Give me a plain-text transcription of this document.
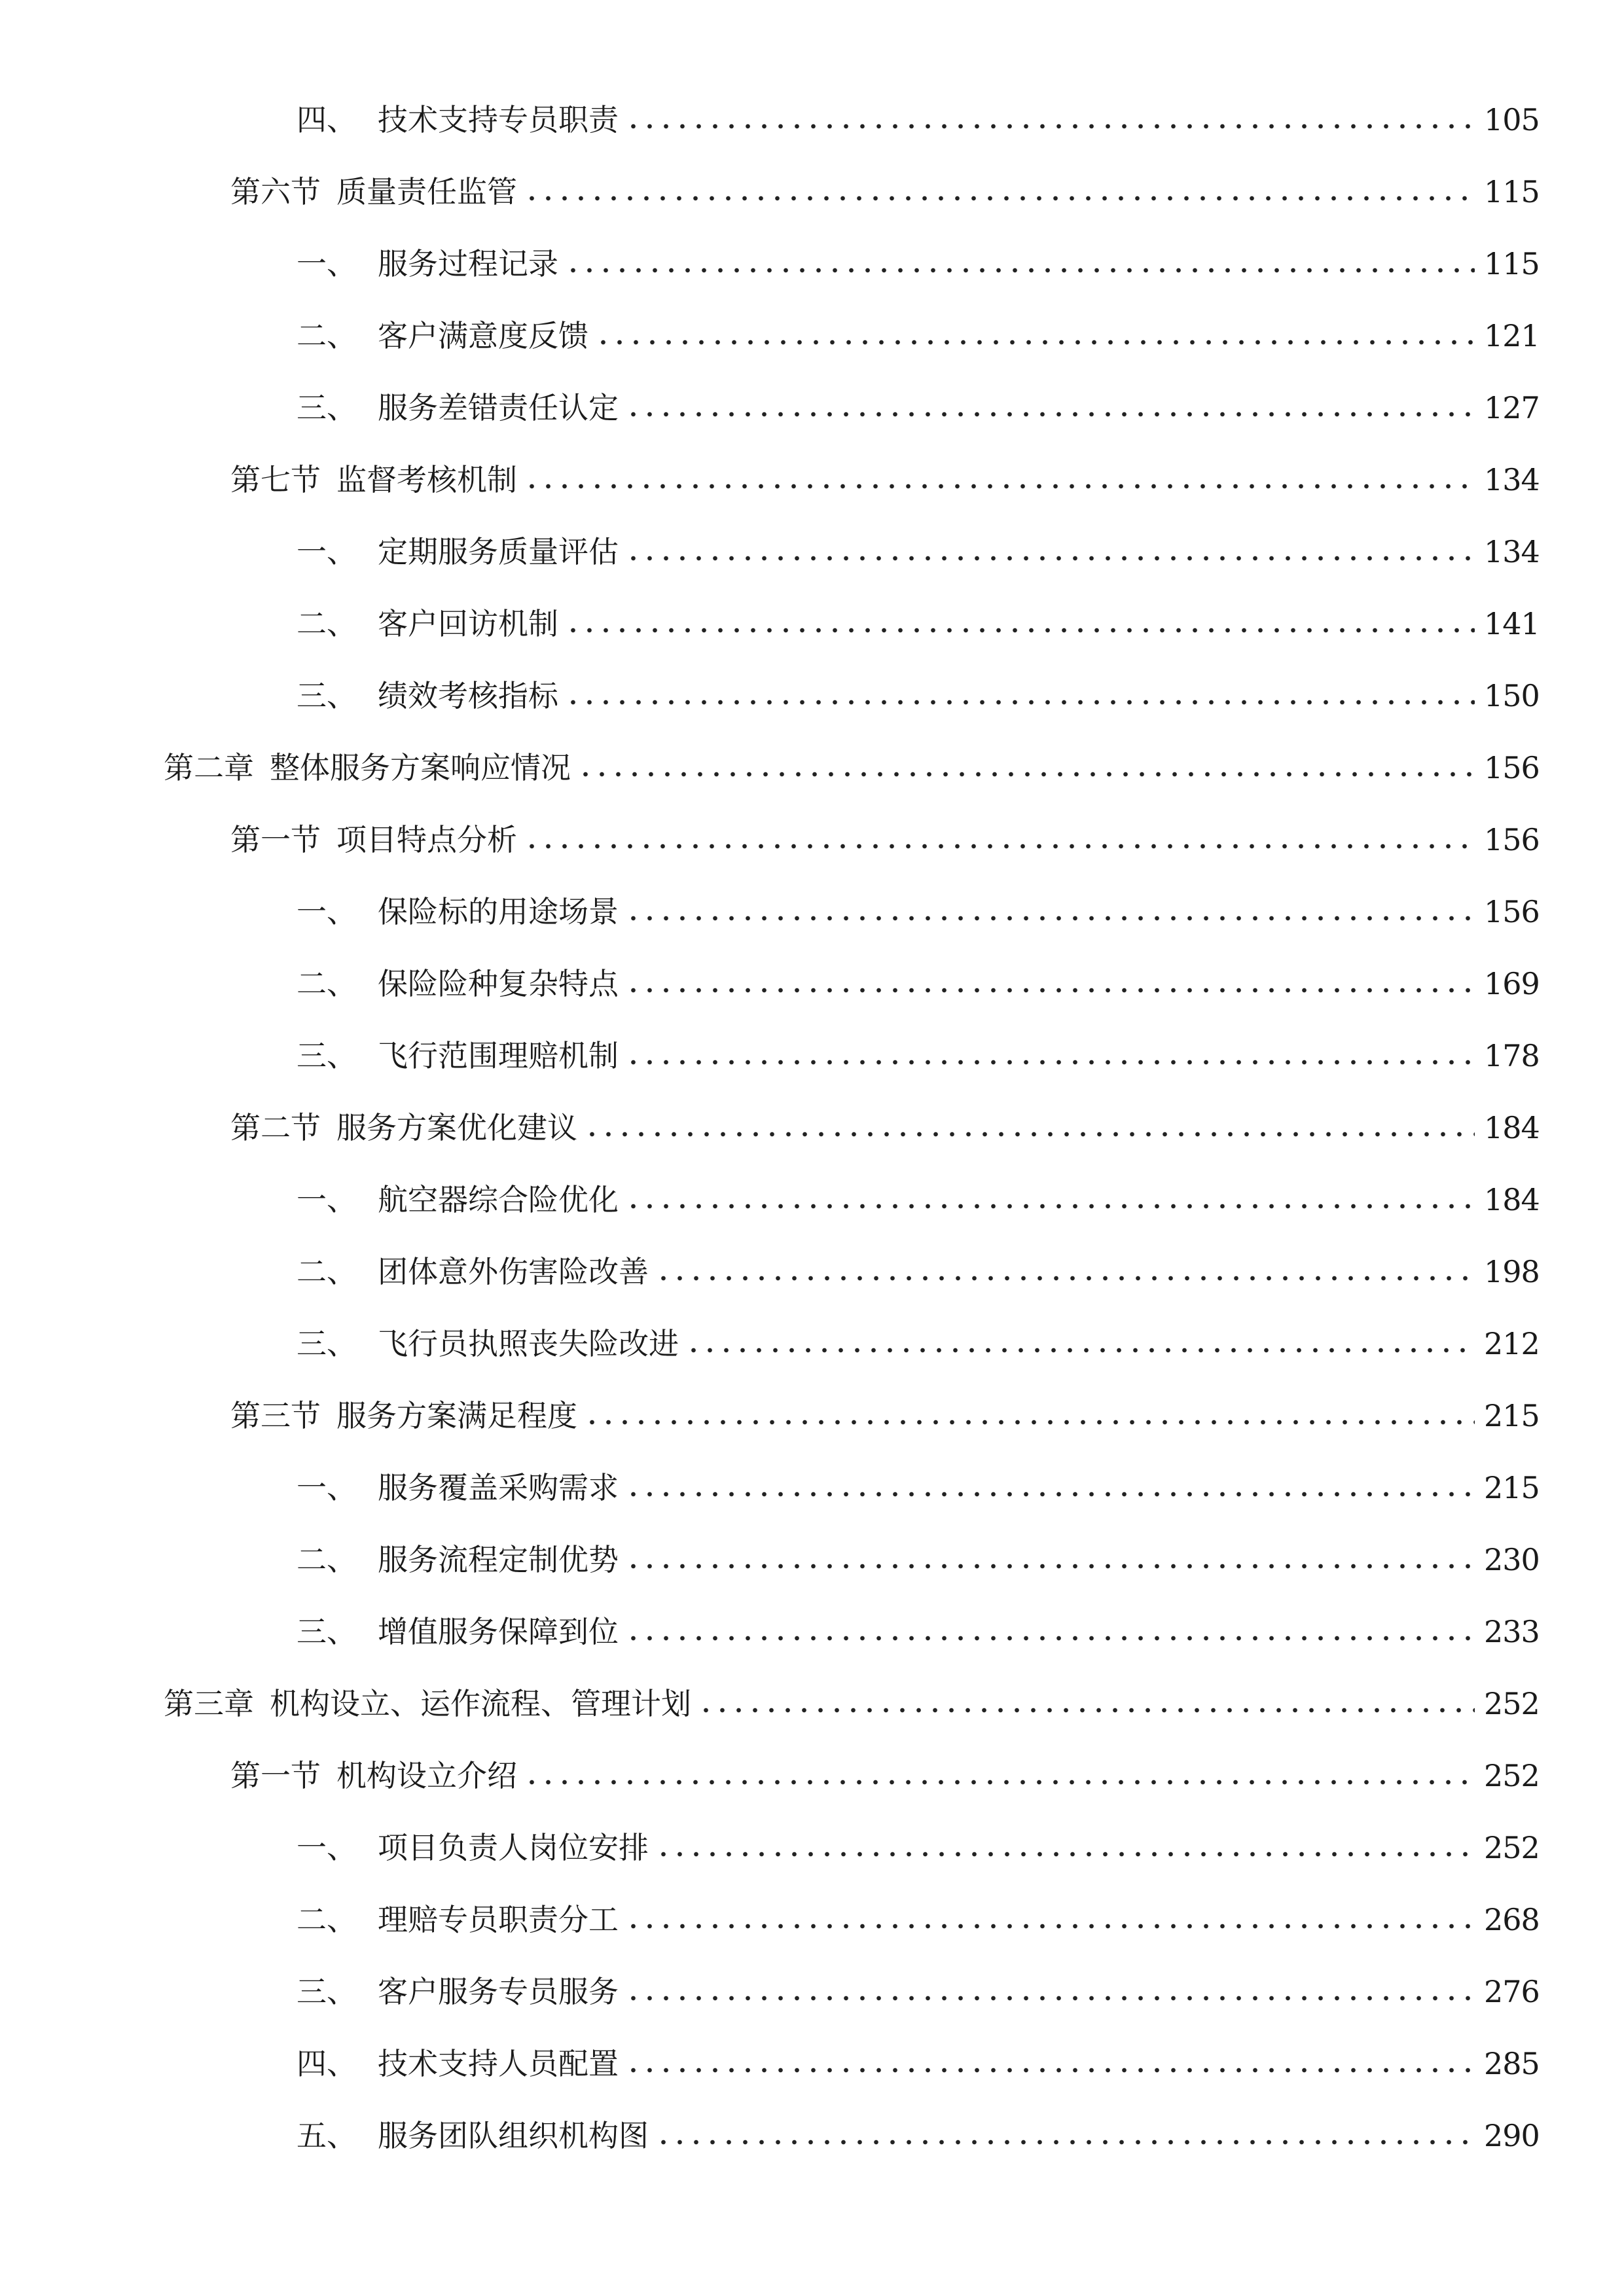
四、 技术支持专员职责	105
第六节 质量责任监管	115
一、 服务过程记录	115
二、 客户满意度反馈	121
三、 服务差错责任认定	127
第七节 监督考核机制	134
一、 定期服务质量评估	134
二、 客户回访机制	141
三、 绩效考核指标	150
第二章 整体服务方案响应情况	156
第一节 项目特点分析	156
一、 保险标的用途场景	156
二、 保险险种复杂特点	169
三、 飞行范围理赔机制	178
第二节 服务方案优化建议	184
一、 航空器综合险优化	184
二、 团体意外伤害险改善	198
三、 飞行员执照丧失险改进	212
第三节 服务方案满足程度	215
一、 服务覆盖采购需求	215
二、 服务流程定制优势	230
三、 增值服务保障到位	233
第三章 机构设立、运作流程、管理计划	252
第一节 机构设立介绍	252
一、 项目负责人岗位安排	252
二、 理赔专员职责分工	268
三、 客户服务专员服务	276
四、 技术支持人员配置	285
五、 服务团队组织机构图	290
